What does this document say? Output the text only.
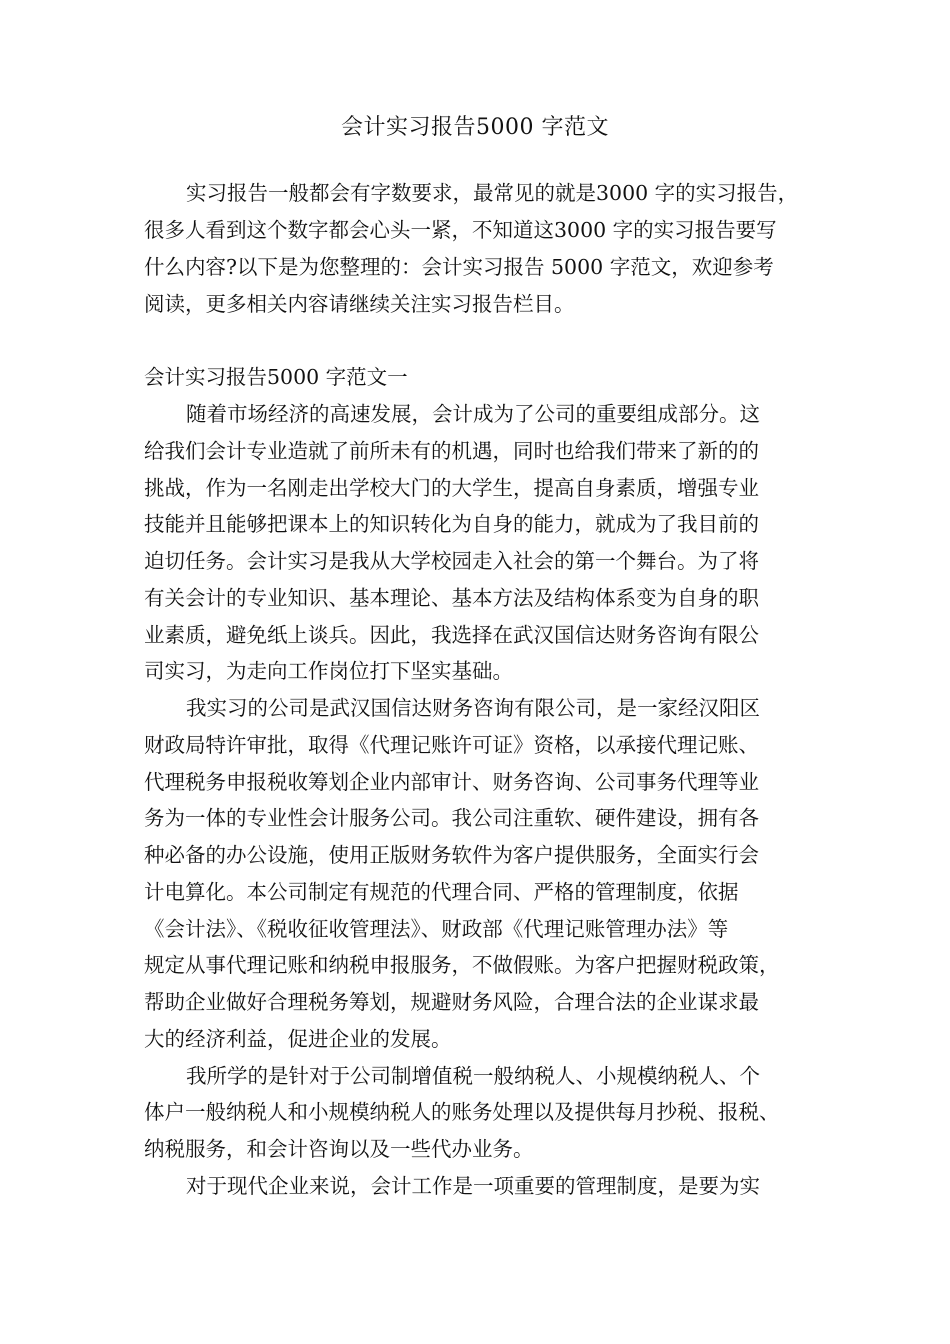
会计实习报告5000 字范文
实习报告一般都会有字数要求，最常见的就是3000 字的实习报告，
很多人看到这个数字都会心头一紧，不知道这3000 字的实习报告要写
什么内容?以下是为您整理的：会计实习报告 5000 字范文，欢迎参考
阅读，更多相关内容请继续关注实习报告栏目。
会计实习报告5000 字范文一
随着市场经济的高速发展，会计成为了公司的重要组成部分。这
给我们会计专业造就了前所未有的机遇，同时也给我们带来了新的的
挑战，作为一名刚走出学校大门的大学生，提高自身素质，增强专业
技能并且能够把课本上的知识转化为自身的能力，就成为了我目前的
迫切任务。会计实习是我从大学校园走入社会的第一个舞台。为了将
有关会计的专业知识、基本理论、基本方法及结构体系变为自身的职
业素质，避免纸上谈兵。因此，我选择在武汉国信达财务咨询有限公
司实习，为走向工作岗位打下坚实基础。
我实习的公司是武汉国信达财务咨询有限公司，是一家经汉阳区
财政局特许审批，取得《代理记账许可证》资格，以承接代理记账、
代理税务申报税收筹划企业内部审计、财务咨询、公司事务代理等业
务为一体的专业性会计服务公司。我公司注重软、硬件建设，拥有各
种必备的办公设施，使用正版财务软件为客户提供服务，全面实行会
计电算化。本公司制定有规范的代理合同、严格的管理制度，依据
《会计法》、《税收征收管理法》、财政部《代理记账管理办法》等
规定从事代理记账和纳税申报服务，不做假账。为客户把握财税政策，
帮助企业做好合理税务筹划，规避财务风险，合理合法的企业谋求最
大的经济利益，促进企业的发展。
我所学的是针对于公司制增值税一般纳税人、小规模纳税人、个
体户一般纳税人和小规模纳税人的账务处理以及提供每月抄税、报税、
纳税服务，和会计咨询以及一些代办业务。
对于现代企业来说，会计工作是一项重要的管理制度，是要为实
